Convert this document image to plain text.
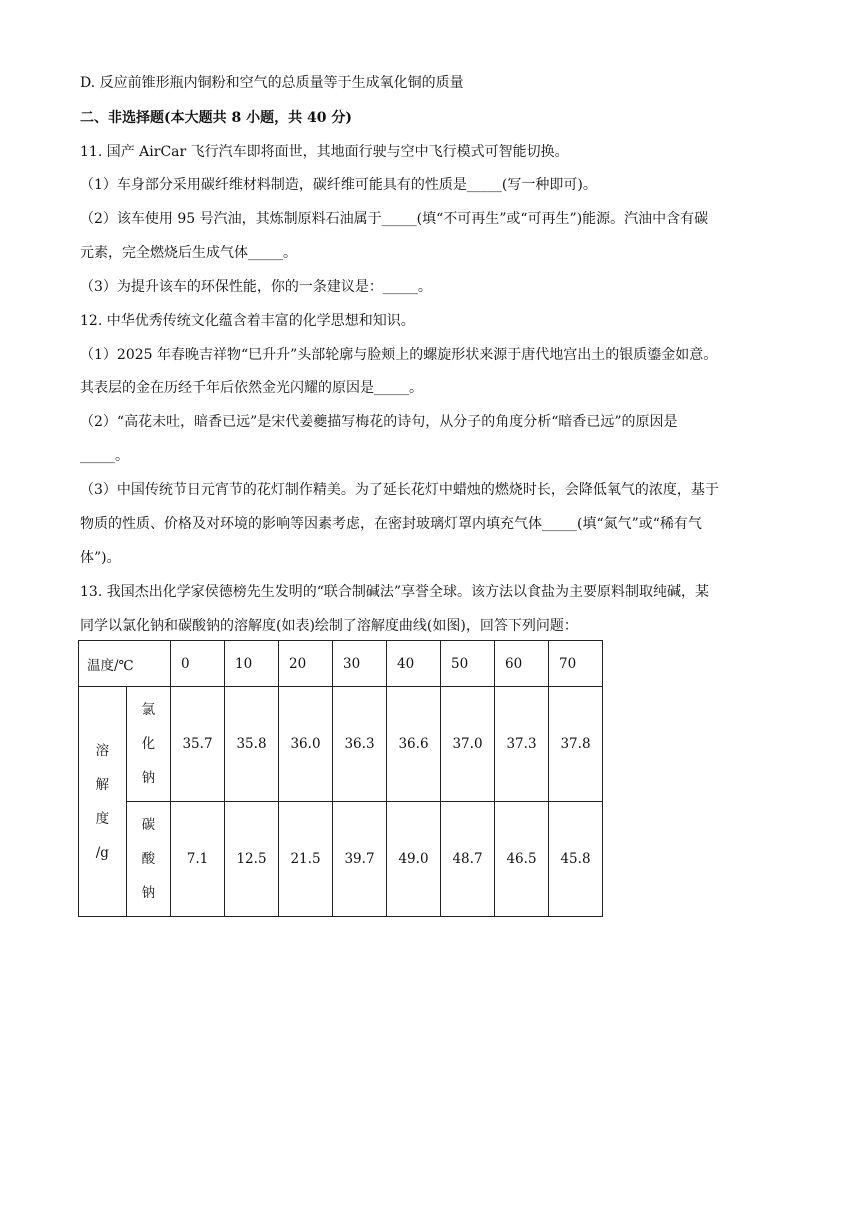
D. 反应前锥形瓶内铜粉和空气的总质量等于生成氧化铜的质量
二、非选择题(本大题共 8 小题，共 40 分)
11. 国产 AirCar 飞行汽车即将面世，其地面行驶与空中飞行模式可智能切换。
（1）车身部分采用碳纤维材料制造，碳纤维可能具有的性质是_____(写一种即可)。
（2）该车使用 95 号汽油，其炼制原料石油属于_____(填“不可再生”或“可再生”)能源。汽油中含有碳
元素，完全燃烧后生成气体_____。
（3）为提升该车的环保性能，你的一条建议是：_____。
12. 中华优秀传统文化蕴含着丰富的化学思想和知识。
（1）2025 年春晚吉祥物“巳升升”头部轮廓与脸颊上的螺旋形状来源于唐代地宫出土的银质鎏金如意。
其表层的金在历经千年后依然金光闪耀的原因是_____。
（2）“高花未吐，暗香已远”是宋代姜夔描写梅花的诗句，从分子的角度分析“暗香已远”的原因是
_____。
（3）中国传统节日元宵节的花灯制作精美。为了延长花灯中蜡烛的燃烧时长，会降低氧气的浓度，基于
物质的性质、价格及对环境的影响等因素考虑，在密封玻璃灯罩内填充气体_____(填“氮气”或“稀有气
体”)。
13. 我国杰出化学家侯德榜先生发明的“联合制碱法”享誉全球。该方法以食盐为主要原料制取纯碱，某
同学以氯化钠和碳酸钠的溶解度(如表)绘制了溶解度曲线(如图)，回答下列问题：
温度/℃		0	10	20	30	40	50	60	70

溶
解
度
/g	氯
化
钠	35.7	35.8	36.0	36.3	36.6	37.0	37.3	37.8

	碳
酸
钠	7.1	12.5	21.5	39.7	49.0	48.7	46.5	45.8
